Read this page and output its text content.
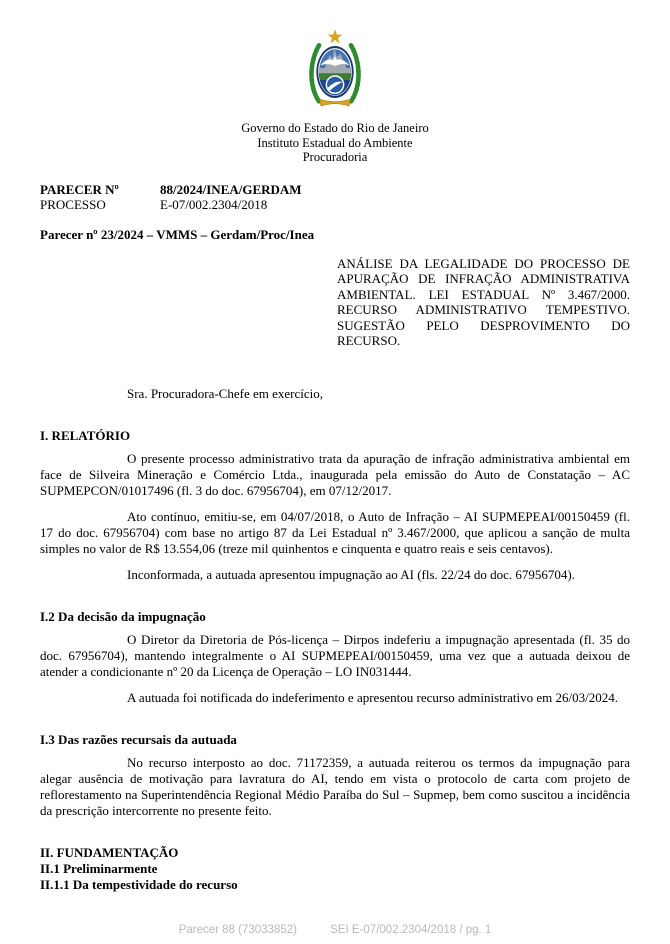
Governo do Estado do Rio de Janeiro
Instituto Estadual do Ambiente
Procuradoria
PARECER Nº	88/2024/INEA/GERDAM
PROCESSO	E-07/002.2304/2018
Parecer nº 23/2024 – VMMS – Gerdam/Proc/Inea
ANÁLISE DA LEGALIDADE DO PROCESSO DE APURAÇÃO DE INFRAÇÃO ADMINISTRATIVA AMBIENTAL. LEI ESTADUAL Nº 3.467/2000. RECURSO ADMINISTRATIVO TEMPESTIVO. SUGESTÃO PELO DESPROVIMENTO DO RECURSO.
Sra. Procuradora-Chefe em exercício,
I. RELATÓRIO

O presente processo administrativo trata da apuração de infração administrativa ambiental em face de Silveira Mineração e Comércio Ltda., inaugurada pela emissão do Auto de Constatação – AC SUPMEPCON/01017496 (fl. 3 do doc. 67956704), em 07/12/2017.

Ato contínuo, emitiu-se, em 04/07/2018, o Auto de Infração – AI SUPMEPEAI/00150459 (fl. 17 do doc. 67956704) com base no artigo 87 da Lei Estadual nº 3.467/2000, que aplicou a sanção de multa simples no valor de R$ 13.554,06 (treze mil quinhentos e cinquenta e quatro reais e seis centavos).

Inconformada, a autuada apresentou impugnação ao AI (fls. 22/24 do doc. 67956704).

I.2 Da decisão da impugnação

O Diretor da Diretoria de Pós-licença – Dirpos indeferiu a impugnação apresentada (fl. 35 do doc. 67956704), mantendo integralmente o AI SUPMEPEAI/00150459, uma vez que a autuada deixou de atender a condicionante nº 20 da Licença de Operação – LO IN031444.

A autuada foi notificada do indeferimento e apresentou recurso administrativo em 26/03/2024.

I.3 Das razões recursais da autuada

No recurso interposto ao doc. 71172359, a autuada reiterou os termos da impugnação para alegar ausência de motivação para lavratura do AI, tendo em vista o protocolo de carta com projeto de reflorestamento na Superintendência Regional Médio Paraíba do Sul – Supmep, bem como suscitou a incidência da prescrição intercorrente no presente feito.

II. FUNDAMENTAÇÃO
II.1 Preliminarmente
II.1.1 Da tempestividade do recurso
Parecer 88 (73033852)	SEI E-07/002.2304/2018 / pg. 1
